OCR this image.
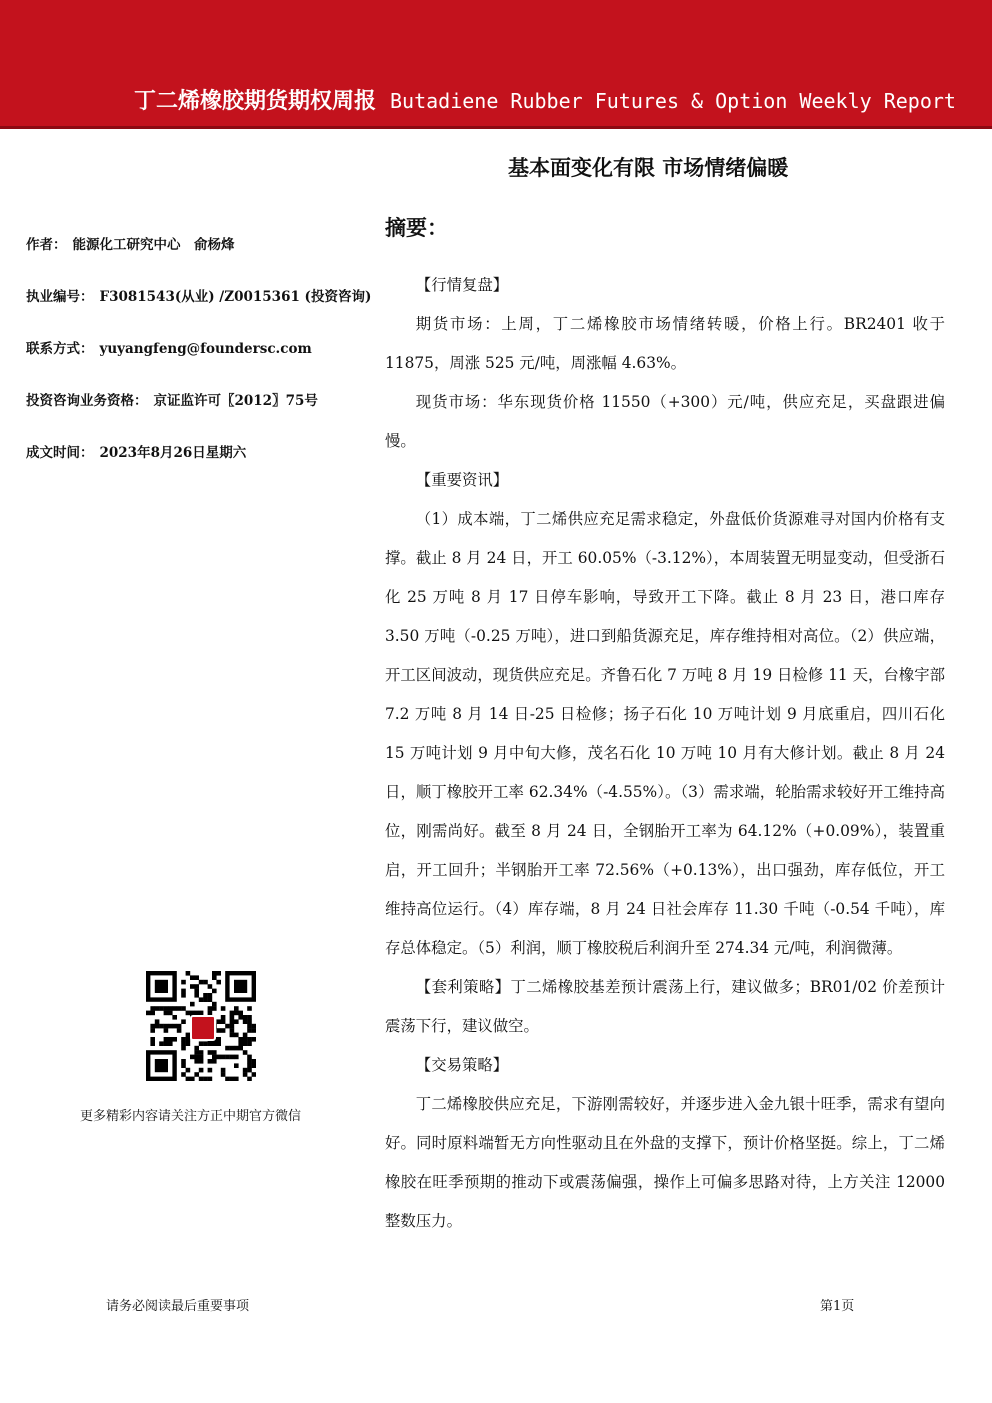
丁二烯橡胶期货期权周报 Butadiene Rubber Futures & Option Weekly Report
基本面变化有限 市场情绪偏暖
作者： 能源化工研究中心　俞杨烽
执业编号： F3081543(从业) /Z0015361 (投资咨询)
联系方式： yuyangfeng@foundersc.com
投资咨询业务资格： 京证监许可〖2012〗75号
成文时间： 2023年8月26日星期六
摘要：

【行情复盘】

期货市场：上周，丁二烯橡胶市场情绪转暖，价格上行。BR2401 收于 11875，周涨 525 元/吨，周涨幅 4.63%。

现货市场：华东现货价格 11550（+300）元/吨，供应充足，买盘跟进偏慢。

【重要资讯】

（1）成本端，丁二烯供应充足需求稳定，外盘低价货源难寻对国内价格有支撑。截止 8 月 24 日，开工 60.05%（-3.12%），本周装置无明显变动，但受浙石化 25 万吨 8 月 17 日停车影响，导致开工下降。截止 8 月 23 日，港口库存 3.50 万吨（-0.25 万吨），进口到船货源充足，库存维持相对高位。（2）供应端，开工区间波动，现货供应充足。齐鲁石化 7 万吨 8 月 19 日检修 11 天，台橡宇部 7.2 万吨 8 月 14 日-25 日检修；扬子石化 10 万吨计划 9 月底重启，四川石化 15 万吨计划 9 月中旬大修，茂名石化 10 万吨 10 月有大修计划。截止 8 月 24 日，顺丁橡胶开工率 62.34%（-4.55%）。（3）需求端，轮胎需求较好开工维持高位，刚需尚好。截至 8 月 24 日，全钢胎开工率为 64.12%（+0.09%），装置重启，开工回升；半钢胎开工率 72.56%（+0.13%），出口强劲，库存低位，开工维持高位运行。（4）库存端，8 月 24 日社会库存 11.30 千吨（-0.54 千吨），库存总体稳定。（5）利润，顺丁橡胶税后利润升至 274.34 元/吨，利润微薄。

【套利策略】丁二烯橡胶基差预计震荡上行，建议做多；BR01/02 价差预计震荡下行，建议做空。

【交易策略】

丁二烯橡胶供应充足，下游刚需较好，并逐步进入金九银十旺季，需求有望向好。同时原料端暂无方向性驱动且在外盘的支撑下，预计价格坚挺。综上，丁二烯橡胶在旺季预期的推动下或震荡偏强，操作上可偏多思路对待，上方关注 12000 整数压力。

更多精彩内容请关注方正中期官方微信
请务必阅读最后重要事项	第1页
